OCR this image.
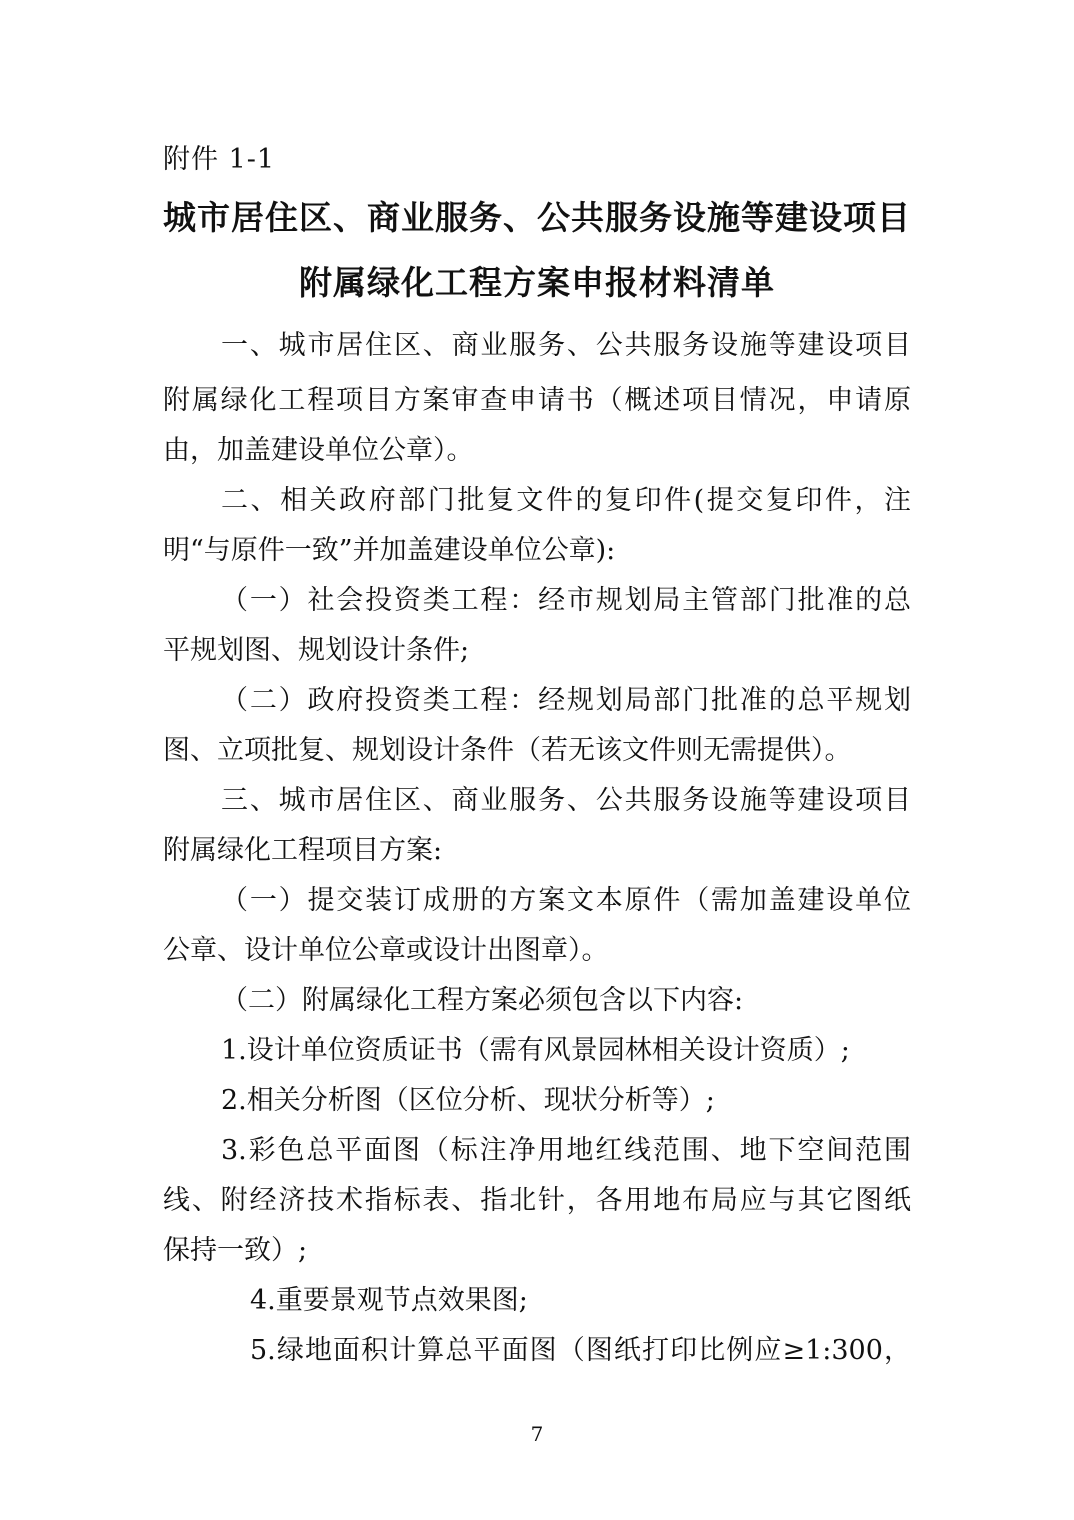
附件 1-1
城市居住区、商业服务、公共服务设施等建设项目
附属绿化工程方案申报材料清单
一、城市居住区、商业服务、公共服务设施等建设项目
附属绿化工程项目方案审查申请书（概述项目情况，申请原
由，加盖建设单位公章）。
二、相关政府部门批复文件的复印件(提交复印件，注
明“与原件一致”并加盖建设单位公章):
（一）社会投资类工程：经市规划局主管部门批准的总
平规划图、规划设计条件;
（二）政府投资类工程：经规划局部门批准的总平规划
图、立项批复、规划设计条件（若无该文件则无需提供）。
三、城市居住区、商业服务、公共服务设施等建设项目
附属绿化工程项目方案:
（一）提交装订成册的方案文本原件（需加盖建设单位
公章、设计单位公章或设计出图章）。
（二）附属绿化工程方案必须包含以下内容:
1.设计单位资质证书（需有风景园林相关设计资质）;
2.相关分析图（区位分析、现状分析等）;
3.彩色总平面图（标注净用地红线范围、地下空间范围
线、附经济技术指标表、指北针，各用地布局应与其它图纸
保持一致）;
4.重要景观节点效果图;
5.绿地面积计算总平面图（图纸打印比例应≥1:300，
7
